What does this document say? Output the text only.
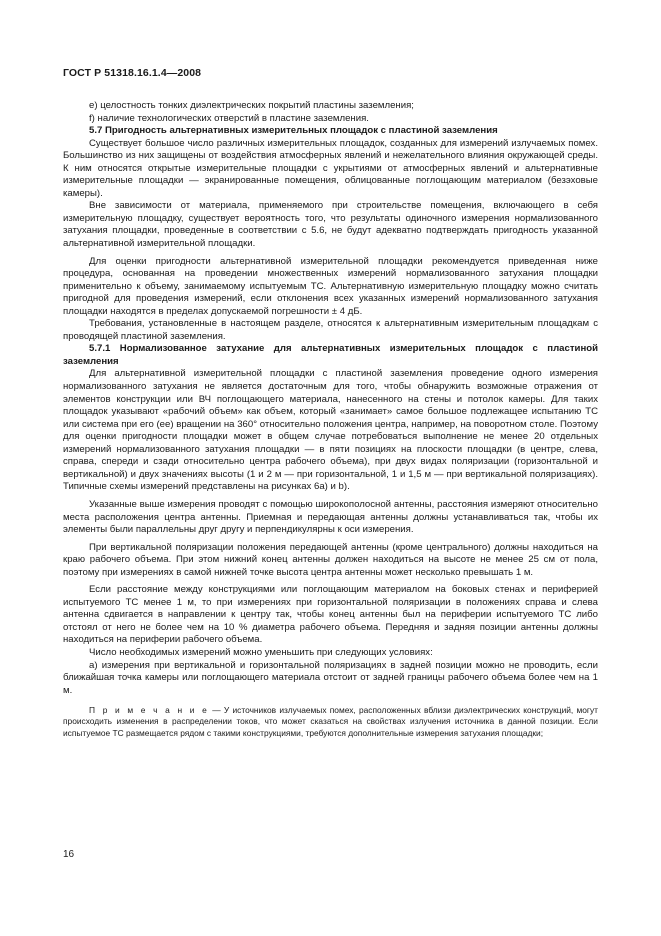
ГОСТ Р 51318.16.1.4—2008

e) целостность тонких диэлектрических покрытий пластины заземления;

f) наличие технологических отверстий в пластине заземления.

5.7 Пригодность альтернативных измерительных площадок с пластиной заземления

Существует большое число различных измерительных площадок, созданных для измерений излучаемых помех. Большинство из них защищены от воздействия атмосферных явлений и нежелательного влияния окружающей среды. К ним относятся открытые измерительные площадки с укрытиями от атмосферных явлений и альтернативные измерительные площадки — экранированные помещения, облицованные поглощающим материалом (безэховые камеры).

Вне зависимости от материала, применяемого при строительстве помещения, включающего в себя измерительную площадку, существует вероятность того, что результаты одиночного измерения нормализованного затухания площадки, проведенные в соответствии с 5.6, не будут адекватно подтверждать пригодность указанной альтернативной измерительной площадки.

Для оценки пригодности альтернативной измерительной площадки рекомендуется приведенная ниже процедура, основанная на проведении множественных измерений нормализованного затухания площадки применительно к объему, занимаемому испытуемым ТС. Альтернативную измерительную площадку можно считать пригодной для проведения измерений, если отклонения всех указанных измерений нормализованного затухания площадки находятся в пределах допускаемой погрешности ± 4 дБ.

Требования, установленные в настоящем разделе, относятся к альтернативным измерительным площадкам с проводящей пластиной заземления.

5.7.1 Нормализованное затухание для альтернативных измерительных площадок с пластиной заземления

Для альтернативной измерительной площадки с пластиной заземления проведение одного измерения нормализованного затухания не является достаточным для того, чтобы обнаружить возможные отражения от элементов конструкции или ВЧ поглощающего материала, нанесенного на стены и потолок камеры. Для таких площадок указывают «рабочий объем» как объем, который «занимает» самое большое подлежащее испытанию ТС или система при его (ее) вращении на 360° относительно положения центра, например, на поворотном столе. Поэтому для оценки пригодности площадки может в общем случае потребоваться выполнение не менее 20 отдельных измерений нормализованного затухания площадки — в пяти позициях на плоскости площадки (в центре, слева, справа, спереди и сзади относительно центра рабочего объема), при двух видах поляризации (горизонтальной и вертикальной) и двух значениях высоты (1 и 2 м — при горизонтальной, 1 и 1,5 м — при вертикальной поляризациях). Типичные схемы измерений представлены на рисунках 6а) и b).

Указанные выше измерения проводят с помощью широкополосной антенны, расстояния измеряют относительно места расположения центра антенны. Приемная и передающая антенны должны устанавливаться так, чтобы их элементы были параллельны друг другу и перпендикулярны к оси измерения.

При вертикальной поляризации положения передающей антенны (кроме центрального) должны находиться на краю рабочего объема. При этом нижний конец антенны должен находиться на высоте не менее 25 см от пола, поэтому при измерениях в самой нижней точке высота центра антенны может несколько превышать 1 м.

Если расстояние между конструкциями или поглощающим материалом на боковых стенах и периферией испытуемого ТС менее 1 м, то при измерениях при горизонтальной поляризации в положениях справа и слева антенна сдвигается в направлении к центру так, чтобы конец антенны был на периферии испытуемого ТС либо отстоял от него не более чем на 10 % диаметра рабочего объема. Передняя и задняя позиции антенны должны находиться на периферии рабочего объема.

Число необходимых измерений можно уменьшить при следующих условиях:

а) измерения при вертикальной и горизонтальной поляризациях в задней позиции можно не проводить, если ближайшая точка камеры или поглощающего материала отстоит от задней границы рабочего объема более чем на 1 м.

П р и м е ч а н и е — У источников излучаемых помех, расположенных вблизи диэлектрических конструкций, могут происходить изменения в распределении токов, что может сказаться на свойствах излучения источника в данной позиции. Если испытуемое ТС размещается рядом с такими конструкциями, требуются дополнительные измерения затухания площадки;

16
